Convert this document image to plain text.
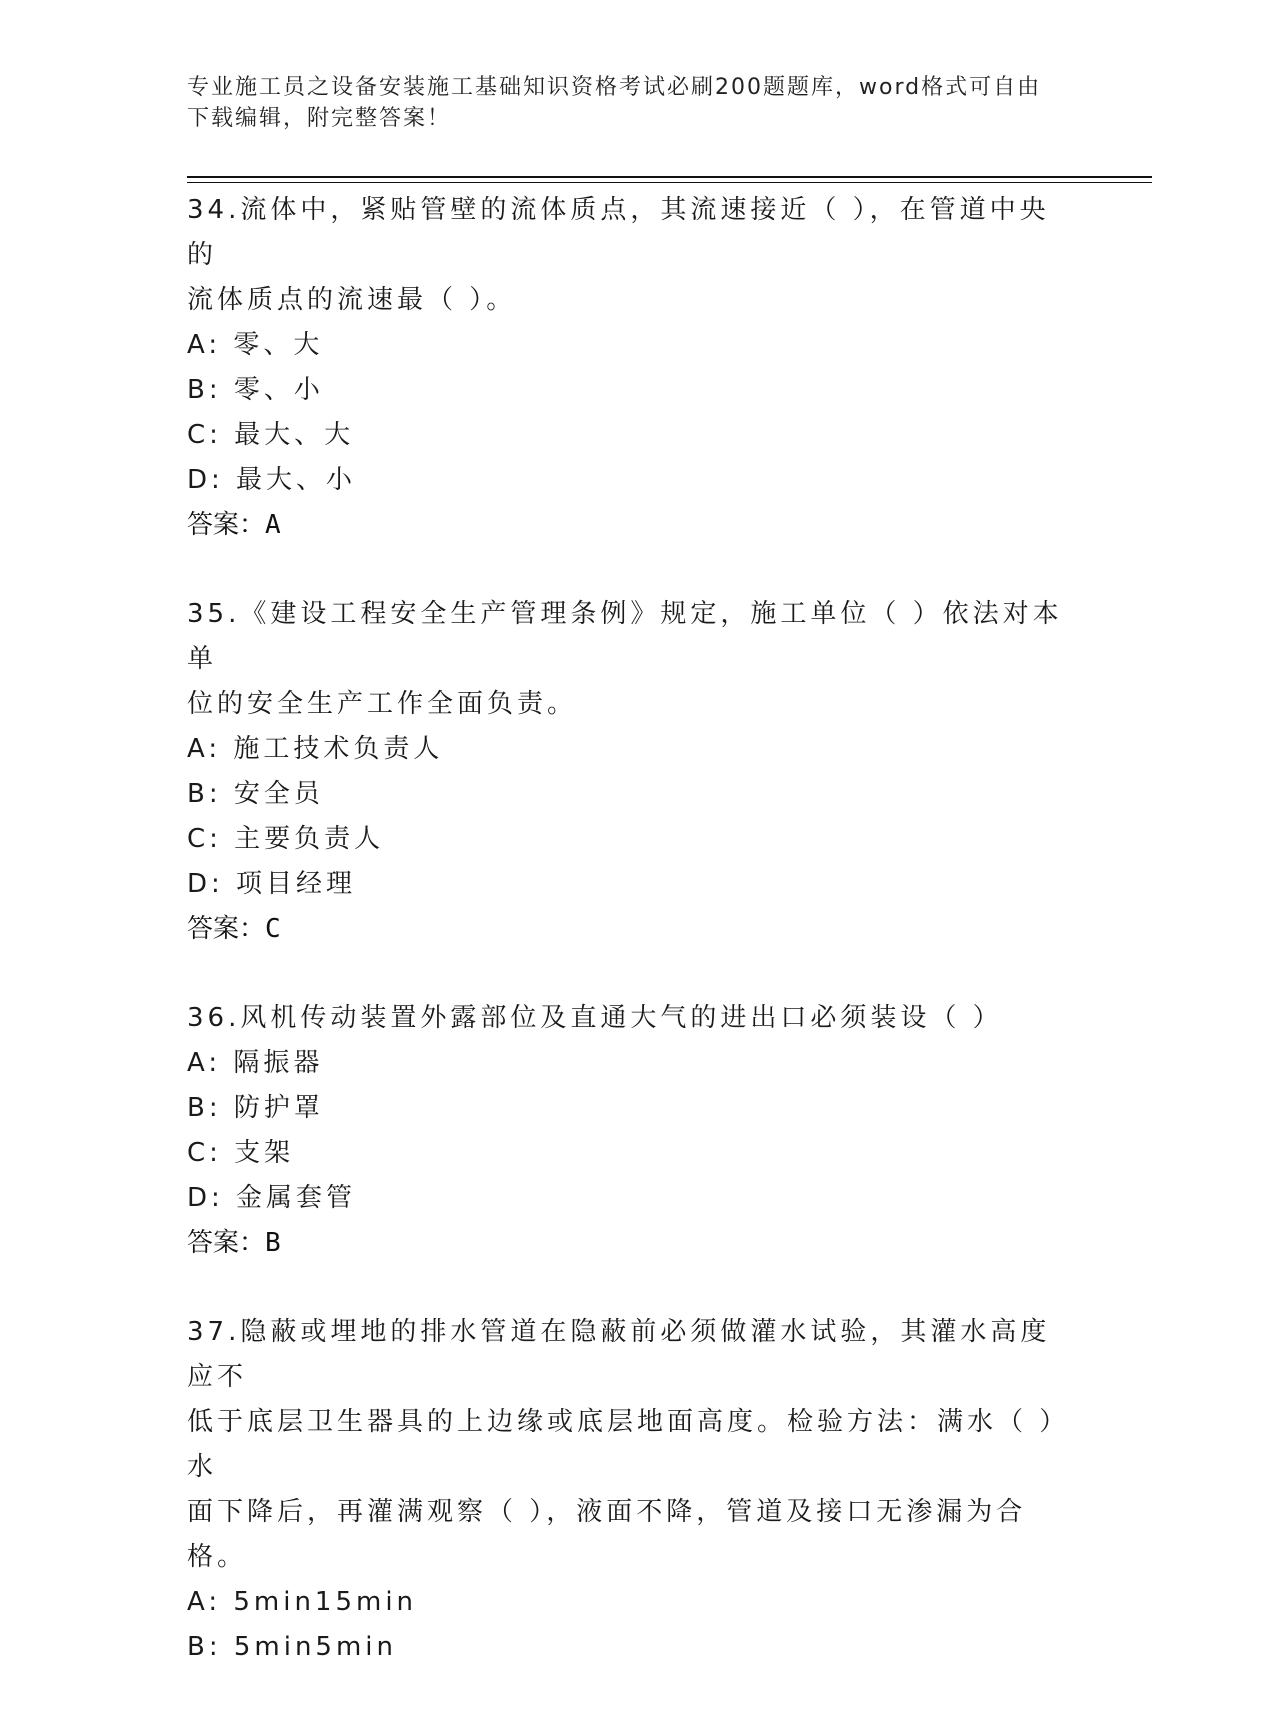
专业施工员之设备安装施工基础知识资格考试必刷200题题库，word格式可自由
下载编辑，附完整答案！
34.流体中，紧贴管壁的流体质点，其流速接近（ ），在管道中央的
流体质点的流速最（ ）。
A: 零、大
B: 零、小
C: 最大、大
D: 最大、小
答案：A
35.《建设工程安全生产管理条例》规定，施工单位（ ）依法对本单
位的安全生产工作全面负责。
A: 施工技术负责人
B: 安全员
C: 主要负责人
D: 项目经理
答案：C
36.风机传动装置外露部位及直通大气的进出口必须装设（ ）
A: 隔振器
B: 防护罩
C: 支架
D: 金属套管
答案：B
37.隐蔽或埋地的排水管道在隐蔽前必须做灌水试验，其灌水高度应不
低于底层卫生器具的上边缘或底层地面高度。检验方法：满水（ ）水
面下降后，再灌满观察（ ），液面不降，管道及接口无渗漏为合格。
A: 5min15min
B: 5min5min
